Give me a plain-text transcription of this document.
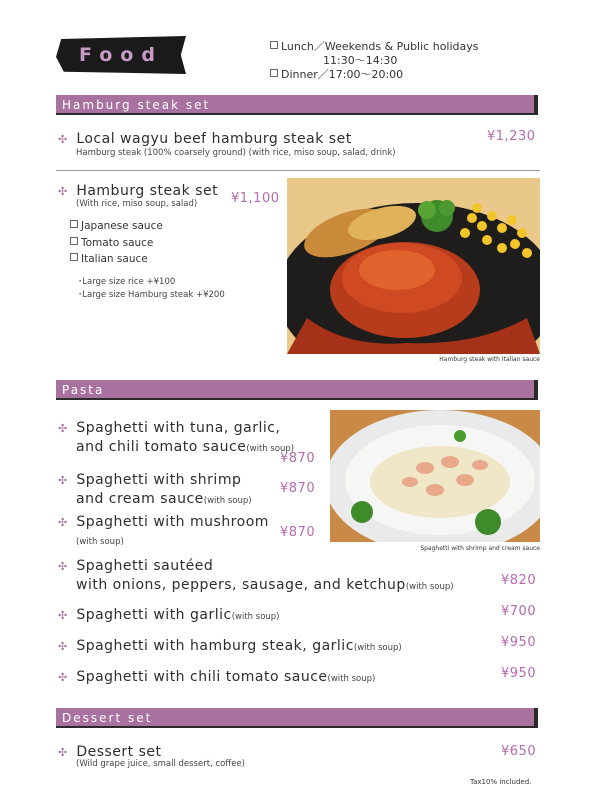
Food	Lunch／Weekends & Public holidays
11:30〜14:30
Dinner／17:00〜20:00
Hamburg steak set
✣ Local wagyu beef hamburg steak set
Hamburg steak (100% coarsely ground) (with rice, miso soup, salad, drink)
¥1,230
✣ Hamburg steak set
(With rice, miso soup, salad)	¥1,100
Japanese sauce
Tomato sauce
Italian sauce
･Large size rice +¥100
･Large size Hamburg steak +¥200
Hamburg steak with Italian sauce
Pasta
✣ Spaghetti with tuna, garlic,
and chili tomato sauce(with soup)
¥870
✣ Spaghetti with shrimp
and cream sauce(with soup)
¥870
✣ Spaghetti with mushroom
(with soup)
¥870
Spaghetti with shrimp and cream sauce
✣ Spaghetti sautéed
with onions, peppers, sausage, and ketchup(with soup)	¥820
✣ Spaghetti with garlic(with soup)	¥700
✣ Spaghetti with hamburg steak, garlic(with soup)	¥950
✣ Spaghetti with chili tomato sauce(with soup)	¥950
Dessert set
✣ Dessert set
(Wild grape juice, small dessert, coffee)
¥650
Tax10% included.
